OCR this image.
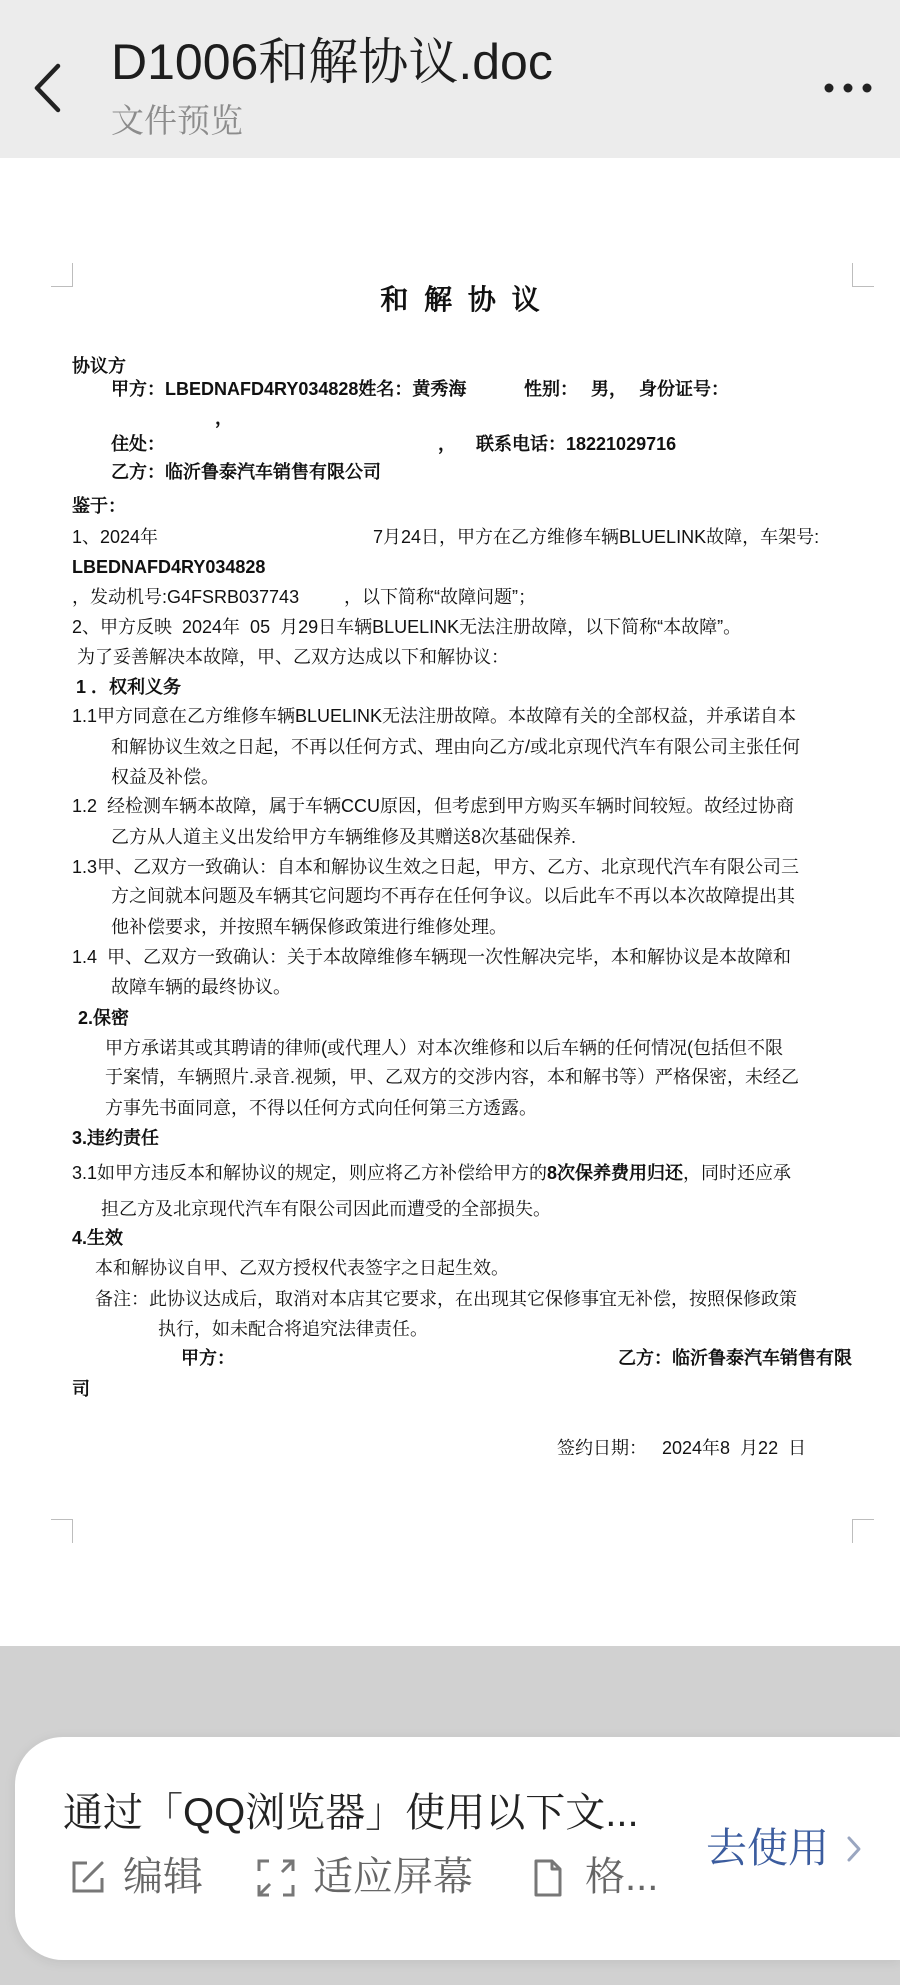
D1006和解协议.doc
文件预览
和 解 协 议
协议方
甲方：LBEDNAFD4RY034828姓名：黄秀海	性别： 男， 身份证号：
，
住处：	， 联系电话：18221029716
乙方：临沂鲁泰汽车销售有限公司
鉴于：
1、2024年	7月24日，甲方在乙方维修车辆BLUELINK故障，车架号:
LBEDNAFD4RY034828
，发动机号:G4FSRB037743 ，以下简称“故障问题”；
2、甲方反映  2024年  05  月29日车辆BLUELINK无法注册故障，以下简称“本故障”。
为了妥善解决本故障，甲、乙双方达成以下和解协议：
1 ．权利义务
1.1甲方同意在乙方维修车辆BLUELINK无法注册故障。本故障有关的全部权益，并承诺自本
和解协议生效之日起，不再以任何方式、理由向乙方/或北京现代汽车有限公司主张任何
权益及补偿。
1.2  经检测车辆本故障，属于车辆CCU原因，但考虑到甲方购买车辆时间较短。故经过协商
乙方从人道主义出发给甲方车辆维修及其赠送8次基础保养.
1.3甲、乙双方一致确认：自本和解协议生效之日起，甲方、乙方、北京现代汽车有限公司三
方之间就本问题及车辆其它问题均不再存在任何争议。以后此车不再以本次故障提出其
他补偿要求，并按照车辆保修政策进行维修处理。
1.4  甲、乙双方一致确认：关于本故障维修车辆现一次性解决完毕，本和解协议是本故障和
故障车辆的最终协议。
2.保密
甲方承诺其或其聘请的律师(或代理人）对本次维修和以后车辆的任何情况(包括但不限
于案情，车辆照片.录音.视频，甲、乙双方的交涉内容，本和解书等）严格保密，未经乙
方事先书面同意，不得以任何方式向任何第三方透露。
3.违约责任
3.1如甲方违反本和解协议的规定，则应将乙方补偿给甲方的8次保养费用归还，同时还应承
担乙方及北京现代汽车有限公司因此而遭受的全部损失。
4.生效
本和解协议自甲、乙双方授权代表签字之日起生效。
备注：此协议达成后，取消对本店其它要求，在出现其它保修事宜无补偿，按照保修政策
执行，如未配合将追究法律责任。
甲方：	乙方：临沂鲁泰汽车销售有限
司
签约日期：   2024年8  月22  日
通过「QQ浏览器」使用以下文...
编辑	适应屏幕	格...
去使用
